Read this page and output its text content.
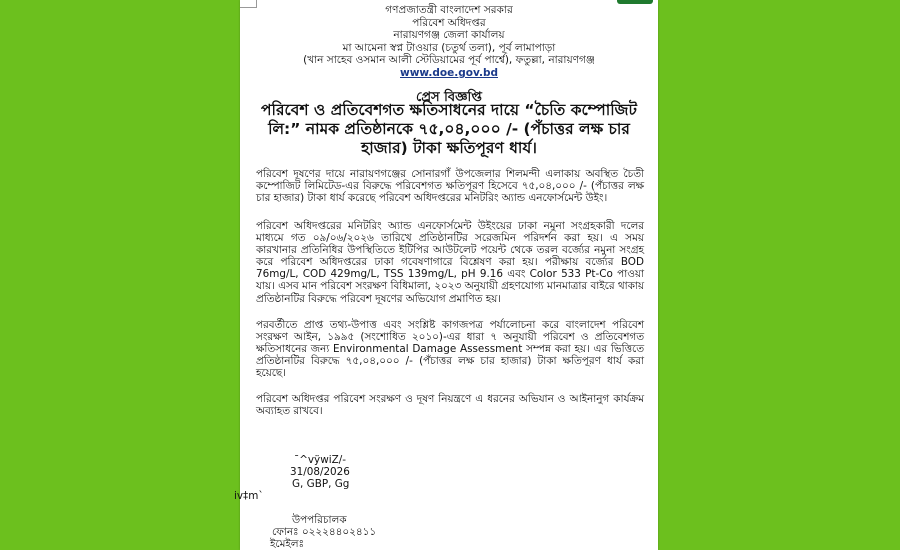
গণপ্রজাতন্ত্রী বাংলাদেশ সরকার
পরিবেশ অধিদপ্তর
নারায়ণগঞ্জ জেলা কার্যালয়
মা আমেনা স্বপ্ন টাওয়ার (চতুর্থ তলা), পূর্ব লামাপাড়া
(খান সাহেব ওসমান আলী স্টেডিয়ামের পূর্ব পার্শ্বে), ফতুল্লা, নারায়ণগঞ্জ
www.doe.gov.bd
প্রেস বিজ্ঞপ্তি
পরিবেশ ও প্রতিবেশগত ক্ষতিসাধনের দায়ে “চৈতি কম্পোজিট লি:” নামক প্রতিষ্ঠানকে ৭৫,০৪,০০০ /- (পঁচাত্তর লক্ষ চার হাজার) টাকা ক্ষতিপূরণ ধার্য।
পরিবেশ দূষণের দায়ে নারায়ণগঞ্জের সোনারগাঁ উপজেলার শিলমন্দী এলাকায় অবস্থিত চৈতী কম্পোজিট লিমিটেড-এর বিরুদ্ধে পরিবেশগত ক্ষতিপূরণ হিসেবে ৭৫,০৪,০০০ /- (পঁচাত্তর লক্ষ চার হাজার) টাকা ধার্য করেছে পরিবেশ অধিদপ্তরের মনিটরিং অ্যান্ড এনফোর্সমেন্ট উইং।
পরিবেশ অধিদপ্তরের মনিটরিং অ্যান্ড এনফোর্সমেন্ট উইংয়ের ঢাকা নমুনা সংগ্রহকারী দলের মাধ্যমে গত ০৯/০৬/২০২৬ তারিখে প্রতিষ্ঠানটির সরেজমিন পরিদর্শন করা হয়। এ সময় কারখানার প্রতিনিধির উপস্থিতিতে ইটিপির আউটলেট পয়েন্ট থেকে তরল বর্জ্যের নমুনা সংগ্রহ করে পরিবেশ অধিদপ্তরের ঢাকা গবেষণাগারে বিশ্লেষণ করা হয়। পরীক্ষায় বর্জ্যের BOD 76mg/L, COD 429mg/L, TSS 139mg/L, pH 9.16 এবং Color 533 Pt-Co পাওয়া যায়। এসব মান পরিবেশ সংরক্ষণ বিধিমালা, ২০২৩ অনুযায়ী গ্রহণযোগ্য মানমাত্রার বাইরে থাকায় প্রতিষ্ঠানটির বিরুদ্ধে পরিবেশ দূষণের অভিযোগ প্রমাণিত হয়।
পরবর্তীতে প্রাপ্ত তথ্য-উপাত্ত এবং সংশ্লিষ্ট কাগজপত্র পর্যালোচনা করে বাংলাদেশ পরিবেশ সংরক্ষণ আইন, ১৯৯৫ (সংশোধিত ২০১০)-এর ধারা ৭ অনুযায়ী পরিবেশ ও প্রতিবেশগত ক্ষতিসাধনের জন্য Environmental Damage Assessment সম্পন্ন করা হয়। এর ভিত্তিতে প্রতিষ্ঠানটির বিরুদ্ধে ৭৫,০৪,০০০ /- (পঁচাত্তর লক্ষ চার হাজার) টাকা ক্ষতিপূরণ ধার্য করা হয়েছে।
পরিবেশ অধিদপ্তর পরিবেশ সংরক্ষণ ও দূষণ নিয়ন্ত্রণে এ ধরনের অভিযান ও আইনানুগ কার্যক্রম অব্যাহত রাখবে।
¯^vÿwiZ/-
31/08/2026
G, GBP, Gg
iv‡m`
উপপরিচালক
ফোনঃ ০২২২৪৪০২৪১১
ইমেইলঃ
